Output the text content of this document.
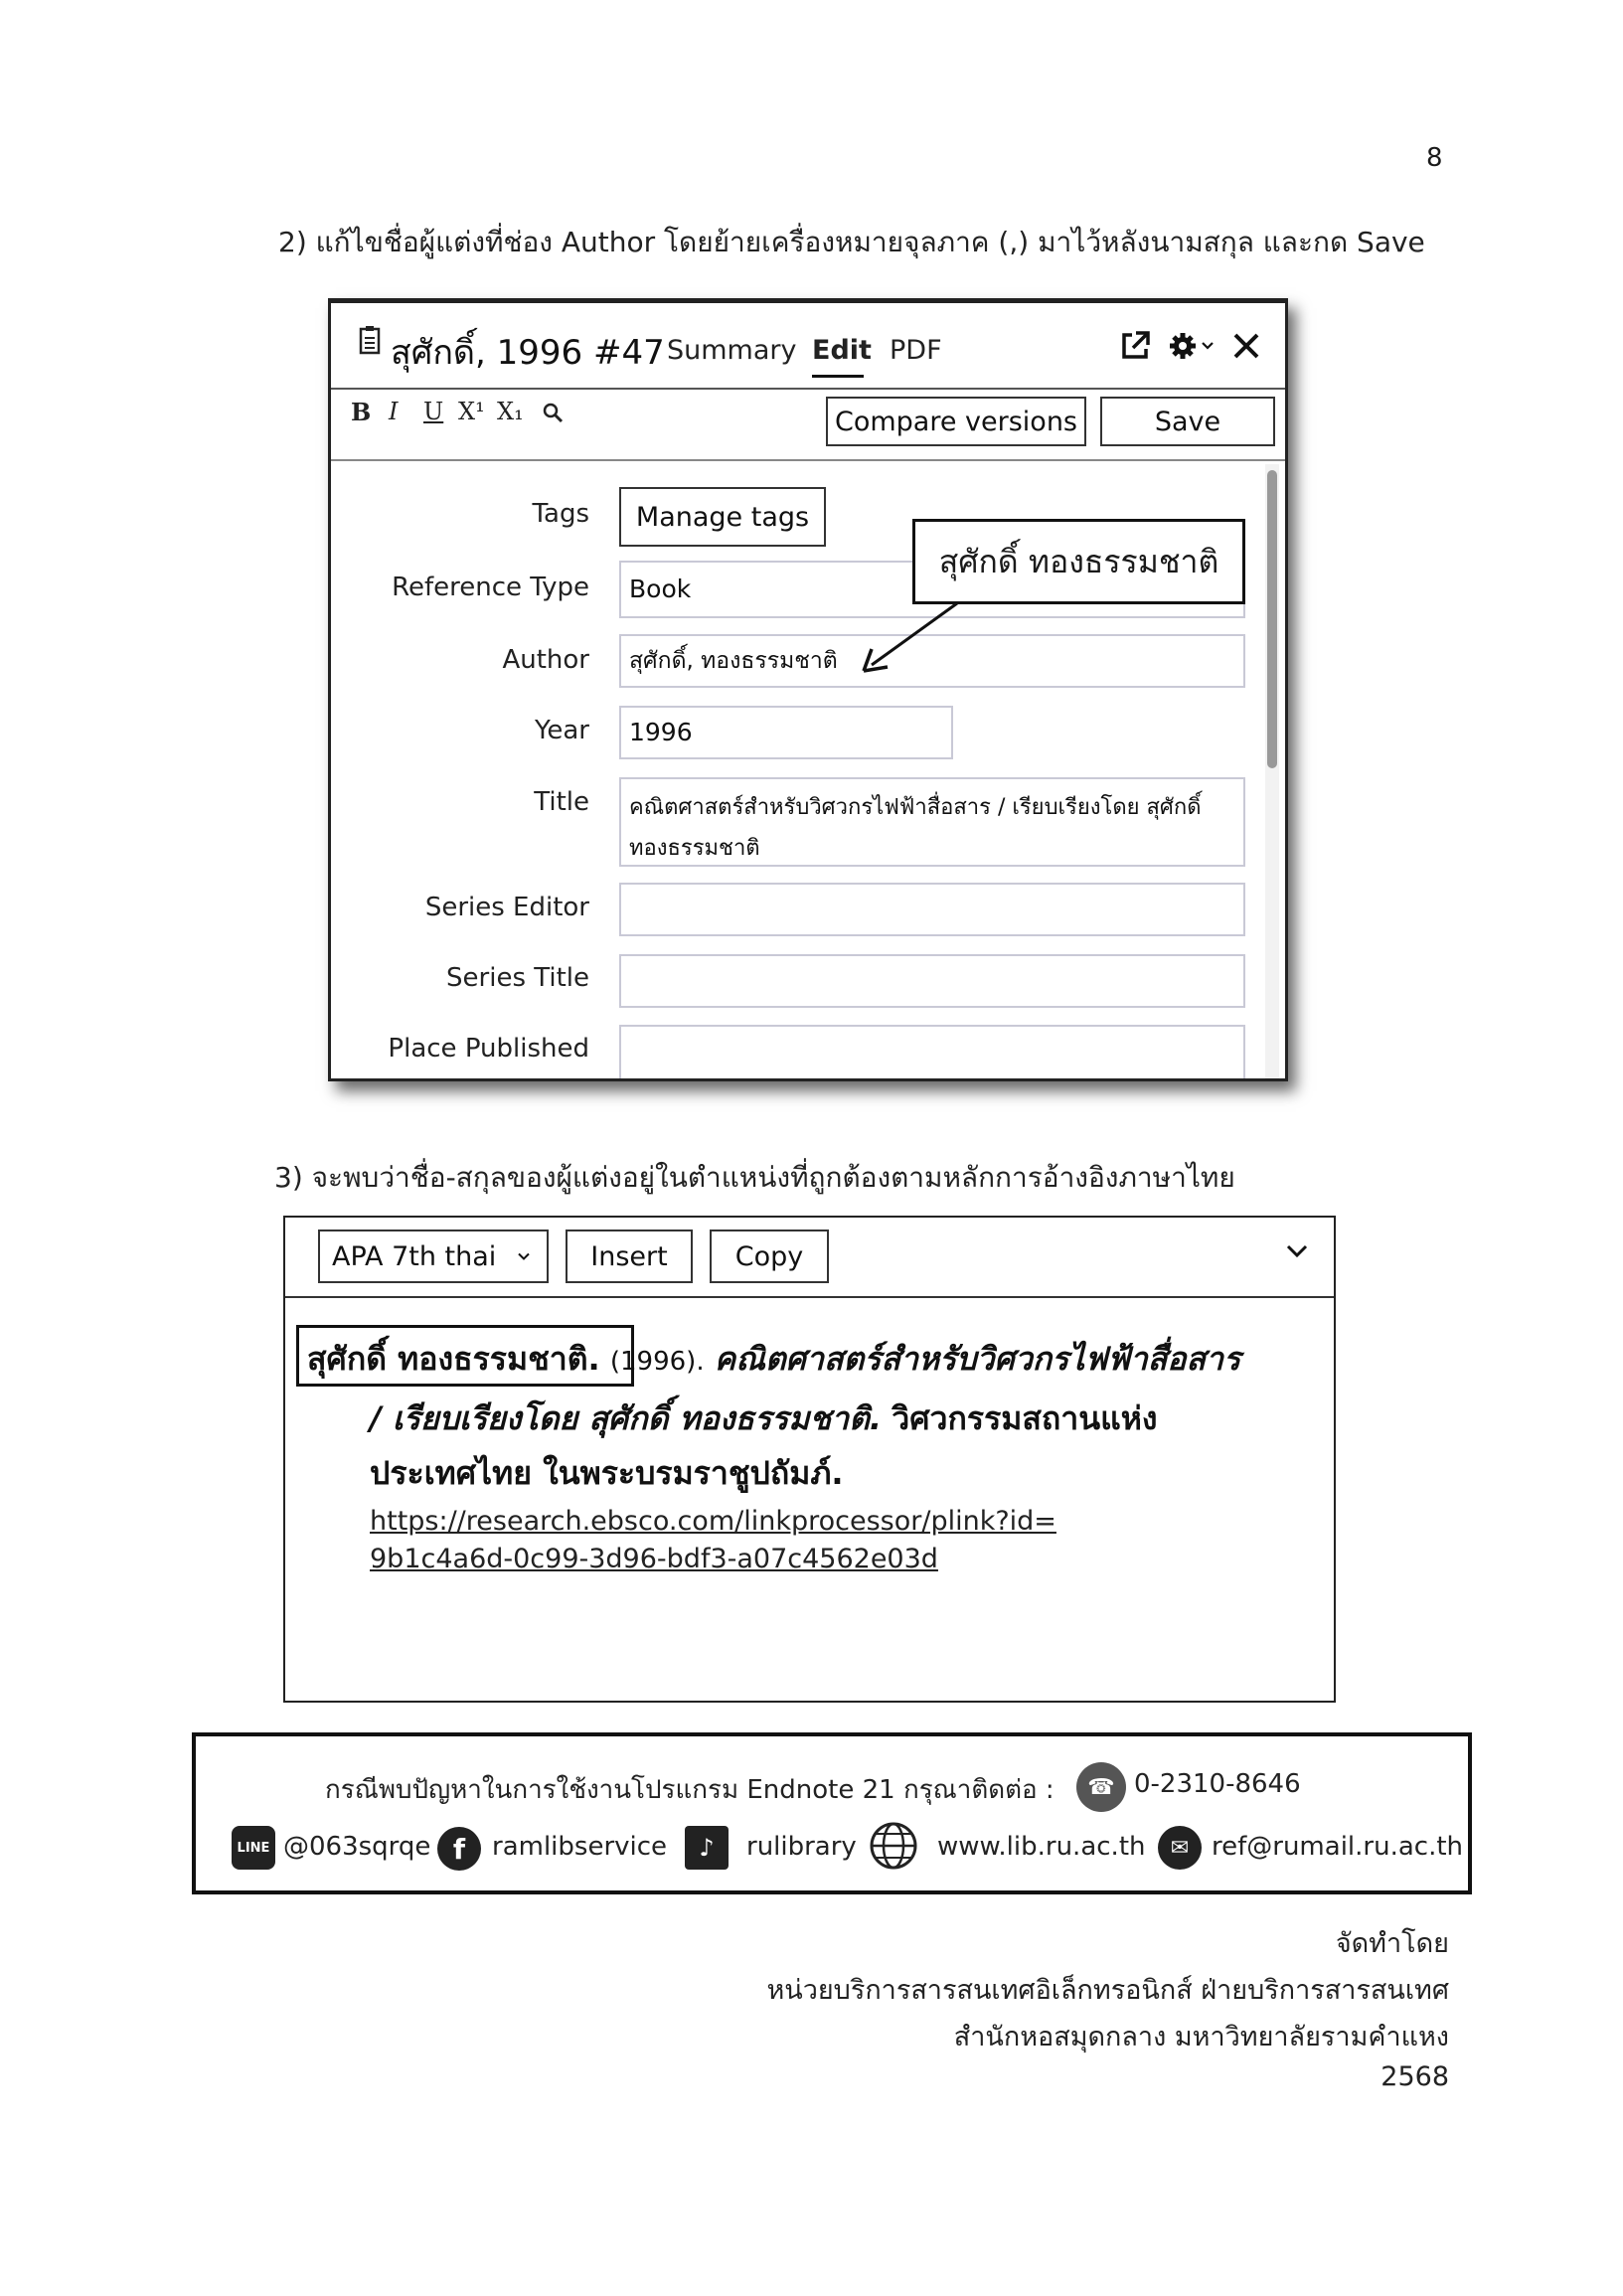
8
2) แก้ไขชื่อผู้แต่งที่ช่อง Author โดยย้ายเครื่องหมายจุลภาค (,) มาไว้หลังนามสกุล และกด Save
สุศักดิ์, 1996 #47 Summary Edit PDF
B I U X¹ X₁	Compare versions	Save
Tags	Manage tags
Reference Type	Book
Author	สุศักดิ์, ทองธรรมชาติ
Year	1996
Title คณิตศาสตร์สำหรับวิศวกรไฟฟ้าสื่อสาร / เรียบเรียงโดย สุศักดิ์
ทองธรรมชาติ
Series Editor
Series Title
Place Published
สุศักดิ์ ทองธรรมชาติ
3) จะพบว่าชื่อ-สกุลของผู้แต่งอยู่ในตำแหน่งที่ถูกต้องตามหลักการอ้างอิงภาษาไทย
APA 7th thai	Insert	Copy
สุศักดิ์ ทองธรรมชาติ. (1996). คณิตศาสตร์สำหรับวิศวกรไฟฟ้าสื่อสาร
/ เรียบเรียงโดย สุศักดิ์ ทองธรรมชาติ. วิศวกรรมสถานแห่ง
ประเทศไทย ในพระบรมราชูปถัมภ์.
https://research.ebsco.com/linkprocessor/plink?id=
9b1c4a6d-0c99-3d96-bdf3-a07c4562e03d
กรณีพบปัญหาในการใช้งานโปรแกรม Endnote 21 กรุณาติดต่อ :	☎ 0-2310-8646
LINE @063sqrqe f	ramlibservice	♪	rulibrary	www.lib.ru.ac.th	✉ ref@rumail.ru.ac.th
จัดทำโดย
หน่วยบริการสารสนเทศอิเล็กทรอนิกส์ ฝ่ายบริการสารสนเทศ
สำนักหอสมุดกลาง มหาวิทยาลัยรามคำแหง
2568
